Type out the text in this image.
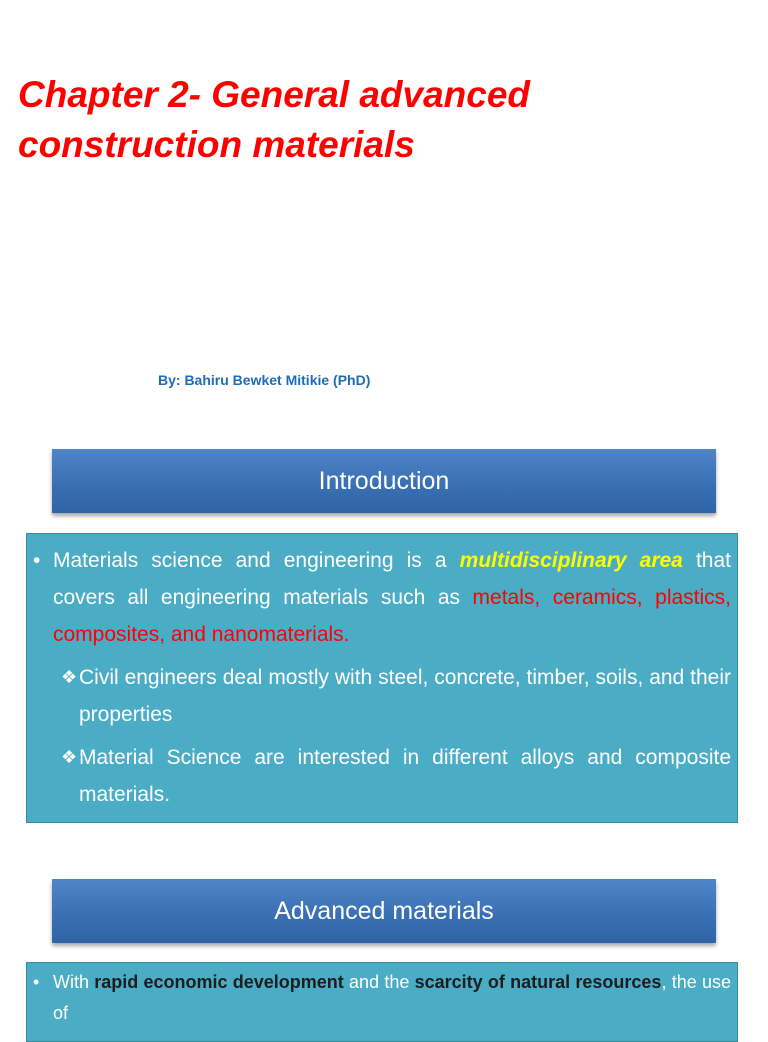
Chapter 2- General advanced construction materials
By: Bahiru Bewket Mitikie (PhD)
Introduction

• Materials science and engineering is a multidisciplinary area that covers all engineering materials such as metals, ceramics, plastics, composites, and nanomaterials.

❖ Civil engineers deal mostly with steel, concrete, timber, soils, and their properties

❖ Material Science are interested in different alloys and composite materials.

Advanced materials

• With rapid economic development and the scarcity of natural resources, the use of
